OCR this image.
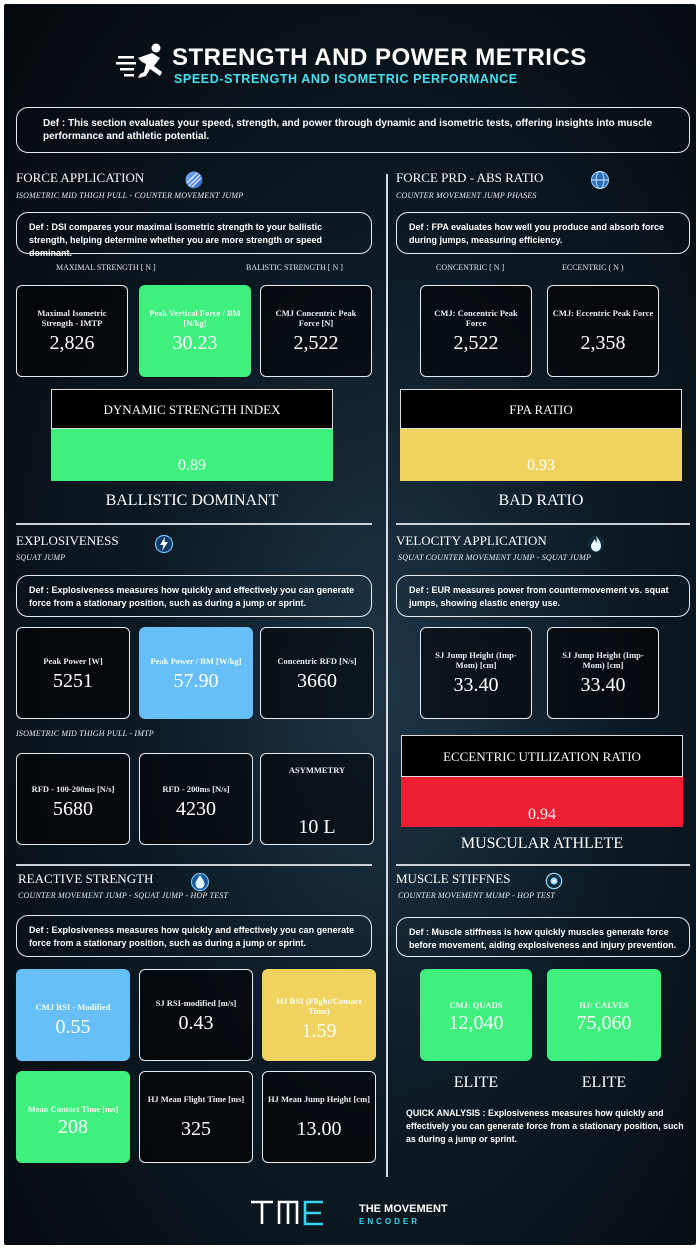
STRENGTH AND POWER METRICS
SPEED-STRENGTH AND ISOMETRIC PERFORMANCE
Def : This section evaluates your speed, strength, and power through dynamic and isometric tests, offering insights into muscle performance and athletic potential.
FORCE APPLICATION
ISOMETRIC MID THIGH PULL - COUNTER MOVEMENT JUMP
Def : DSI compares your maximal isometric strength to your ballistic strength, helping determine whether you are more strength or speed dominant.
MAXIMAL STRENGTH [ N ]	BALISTIC STRENGTH [ N ]
Maximal Isometric Strength - IMTP
2,826
Peak Vertical Force / BM [N/kg]
30.23
CMJ Concentric Peak Force [N]
2,522
DYNAMIC STRENGTH INDEX
0.89
BALLISTIC DOMINANT
FORCE PRD - ABS RATIO
COUNTER MOVEMENT JUMP PHASES
Def : FPA evaluates how well you produce and absorb force during jumps, measuring efficiency.
CONCENTRIC [ N ]	ECCENTRIC ( N )
CMJ: Concentric Peak Force
2,522
CMJ: Eccentric Peak Force
2,358
FPA RATIO
0.93
BAD RATIO
EXPLOSIVENESS
SQUAT JUMP
Def : Explosiveness measures how quickly and effectively you can generate force from a stationary position, such as during a jump or sprint.
Peak Power [W]
5251
Peak Power / BM [W/kg]
57.90
Concentric RFD [N/s]
3660
ISOMETRIC MID THIGH PULL - IMTP
RFD - 100-200ms [N/s]
5680
RFD - 200ms [N/s]
4230
ASYMMETRY
10 L
VELOCITY APPLICATION
SQUAT COUNTER MOVEMENT JUMP - SQUAT JUMP
Def : EUR measures power from countermovement vs. squat jumps, showing elastic energy use.
SJ Jump Height (Imp-Mom) [cm]
33.40
SJ Jump Height (Imp-Mom) [cm]
33.40
ECCENTRIC UTILIZATION RATIO
0.94
MUSCULAR ATHLETE
REACTIVE STRENGTH
COUNTER MOVEMENT JUMP - SQUAT JUMP - HOP TEST
Def : Explosiveness measures how quickly and effectively you can generate force from a stationary position, such as during a jump or sprint.
CMJ RSI - Modified
0.55
SJ RSI-modified [m/s]
0.43
HJ RSI (Flight/Contact Time)
1.59
Mean Contact Time [ms]
208
HJ Mean Flight Time [ms]
325
HJ Mean Jump Height [cm]
13.00
MUSCLE STIFFNES
COUNTER MOVEMENT MUMP - HOP TEST
Def : Muscle stiffness is how quickly muscles generate force before movement, aiding explosiveness and injury prevention.
CMJ: QUADS
12,040
HJ: CALVES
75,060
ELITE	ELITE
QUICK ANALYSIS : Explosiveness measures how quickly and effectively you can generate force from a stationary position, such as during a jump or sprint.
THE MOVEMENT
ENCODER
